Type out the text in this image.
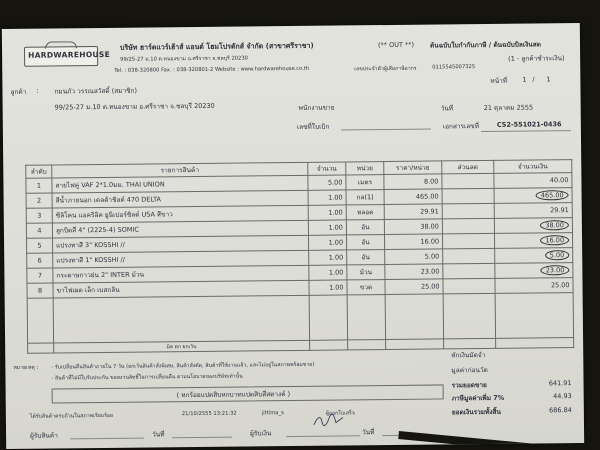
HARDWAREHOUSE
บริษัท ฮาร์ดแวร์เฮ้าส์ แอนด์ โฮมโปรดักส์ จำกัด (สาขาศรีราชา)
99/25-27 ม.10 ต.หนองขาม อ.ศรีราชา จ.ชลบุรี 20230
Tel. : 038-320800 Fax. : 038-320801-2 Website : www.hardwarehouse.co.th	เลขประจำตัวผู้เสียภาษีอากร	0115545007325
(** OUT **) ต้นฉบับใบกำกับภาษี / ต้นฉบับบิลเงินสด
(1 - ลูกค้าชำระเงิน)
หน้าที่ 1 / 1
ลูกค้า : กมนภัว วรรณสวัสดิ์ (สมาชิก)
99/25-27 ม.10 ต.หนองขาม อ.ศรีราชา จ.ชลบุรี 20230	พนักงานขาย	วันที่	21 ตุลาคม 2555
เลขที่ใบเบิก	เอกสารเลขที่	CS2-551021-0436
ลำดับ	รายการสินค้า	จำนวน	หน่วย	ราคา/หน่วย	ส่วนลด	จำนวนเงิน
1	สายไฟคู่ VAF 2*1.0มม. THAI UNION	5.00	เมตร	8.00		40.00
2	สีน้ำภายนอก เดลต้าชิลด์ 470 DELTA	1.00	กล(1)	465.00		465.00
3	ซิลิโคน แอคริลิค ยูนิเปอร์ชิลด์ USA สีขาว	1.00	หลอด	29.91		29.91
4	ลูกบิดสี่ 4" (2225-4) SOMIC	1.00	อัน	38.00		38.00
5	แปรงทาสี 3" KOSSHI //	1.00	อัน	16.00		16.00
6	แปรงทาสี 1" KOSSHI //	1.00	อัน	5.00		5.00
7	กระดาษกาวย่น 2" INTER ม้วน	1.00	ม้วน	23.00		23.00
8	ขาไฟเผด เล็ก เบสกลิน	1.00	ขวด	25.00		25.00

	ผิด ตก ยกเว้น					
หมายเหตุ :	- รับเปลี่ยนคืนสินค้าภายใน 7 วัน (ยกเว้นสินค้าสั่งพิเศษ, สินค้าสั่งตัด, สินค้าที่ใช้งานแล้ว, และไม่อยู่ในสภาพพร้อมขาย)
- สินค้าที่ไม่มีใบรับประกัน ขอสงวนสิทธิ์ในการเปลี่ยนคืน ตามนโยบายของบริษัทเท่านั้น
( หกร้อยแปดสิบหกบาทแปดสิบสี่สตางค์ )
หักเงินมัดจำ
มูลค่าก่อนวัด
รวมยอดขาย	641.91
ภาษีมูลค่าเพิ่ม 7%	44.93
ยอดเงินรวมทั้งสิ้น	686.84
ได้รับสินค้าครบถ้วนในสภาพเรียบร้อย	21/10/2555 13:21:32	jittima_s	ผู้ออกใบเสร็จ
ผู้รับสินค้า	วันที่	ผู้รับเงิน	วันที่
